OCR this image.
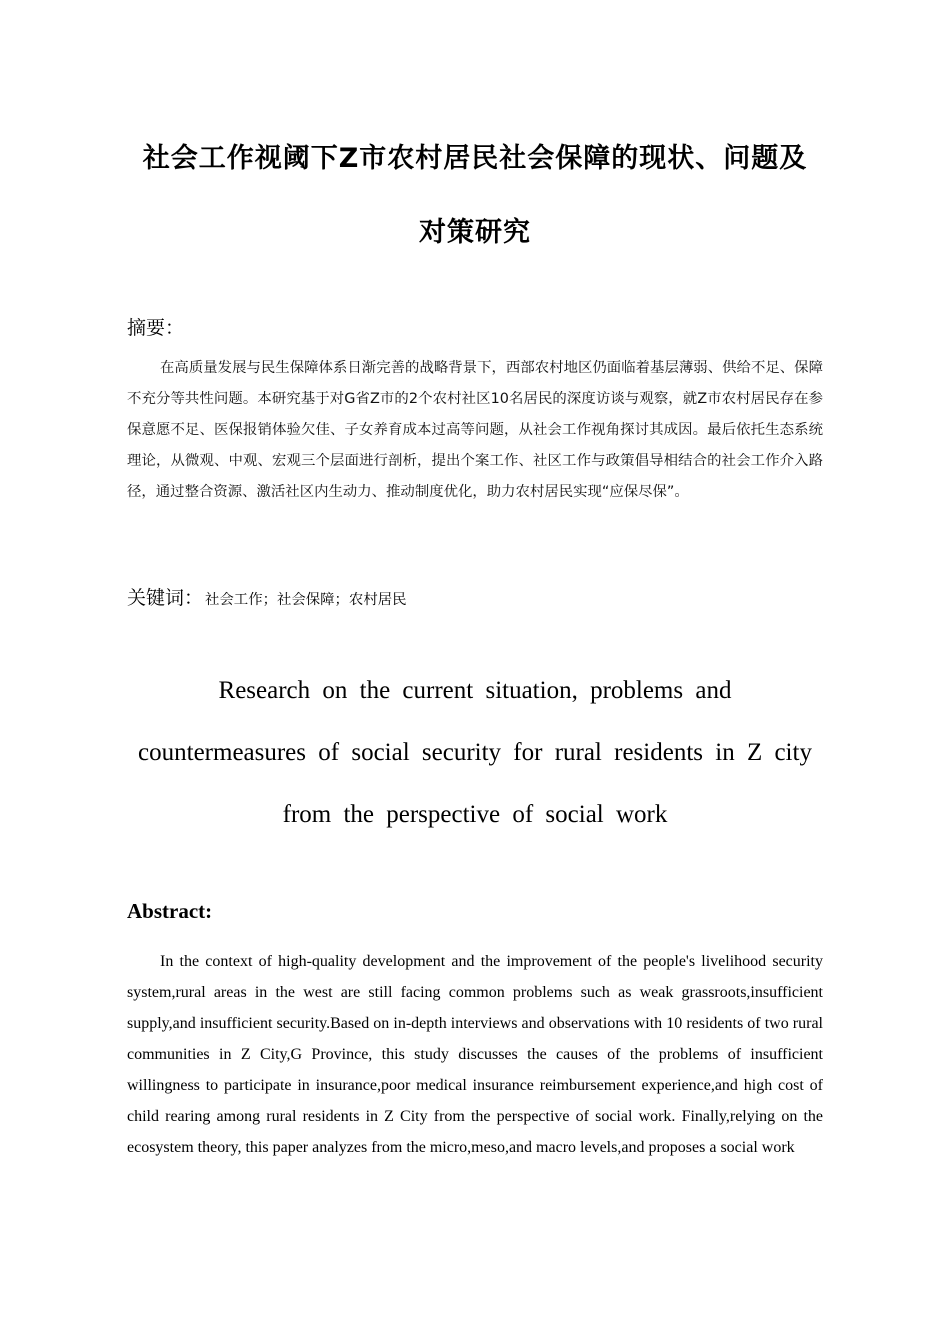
社会工作视阈下Z市农村居民社会保障的现状、问题及
对策研究
摘要：
在高质量发展与民生保障体系日渐完善的战略背景下，西部农村地区仍面临着基层薄弱、供给不足、保障不充分等共性问题。本研究基于对G省Z市的2个农村社区10名居民的深度访谈与观察，就Z市农村居民存在参保意愿不足、医保报销体验欠佳、子女养育成本过高等问题，从社会工作视角探讨其成因。最后依托生态系统理论，从微观、中观、宏观三个层面进行剖析，提出个案工作、社区工作与政策倡导相结合的社会工作介入路径，通过整合资源、激活社区内生动力、推动制度优化，助力农村居民实现“应保尽保”。
关键词： 社会工作；社会保障；农村居民
Research on the current situation, problems and
countermeasures of social security for rural residents in Z city
from the perspective of social work
Abstract:
In the context of high-quality development and the improvement of the people's livelihood security system,rural areas in the west are still facing common problems such as weak grassroots,insufficient supply,and insufficient security.Based on in-depth interviews and observations with 10 residents of two rural communities in Z City,G Province, this study discusses the causes of the problems of insufficient willingness to participate in insurance,poor medical insurance reimbursement experience,and high cost of child rearing among rural residents in Z City from the perspective of social work. Finally,relying on the ecosystem theory, this paper analyzes from the micro,meso,and macro levels,and proposes a social work
